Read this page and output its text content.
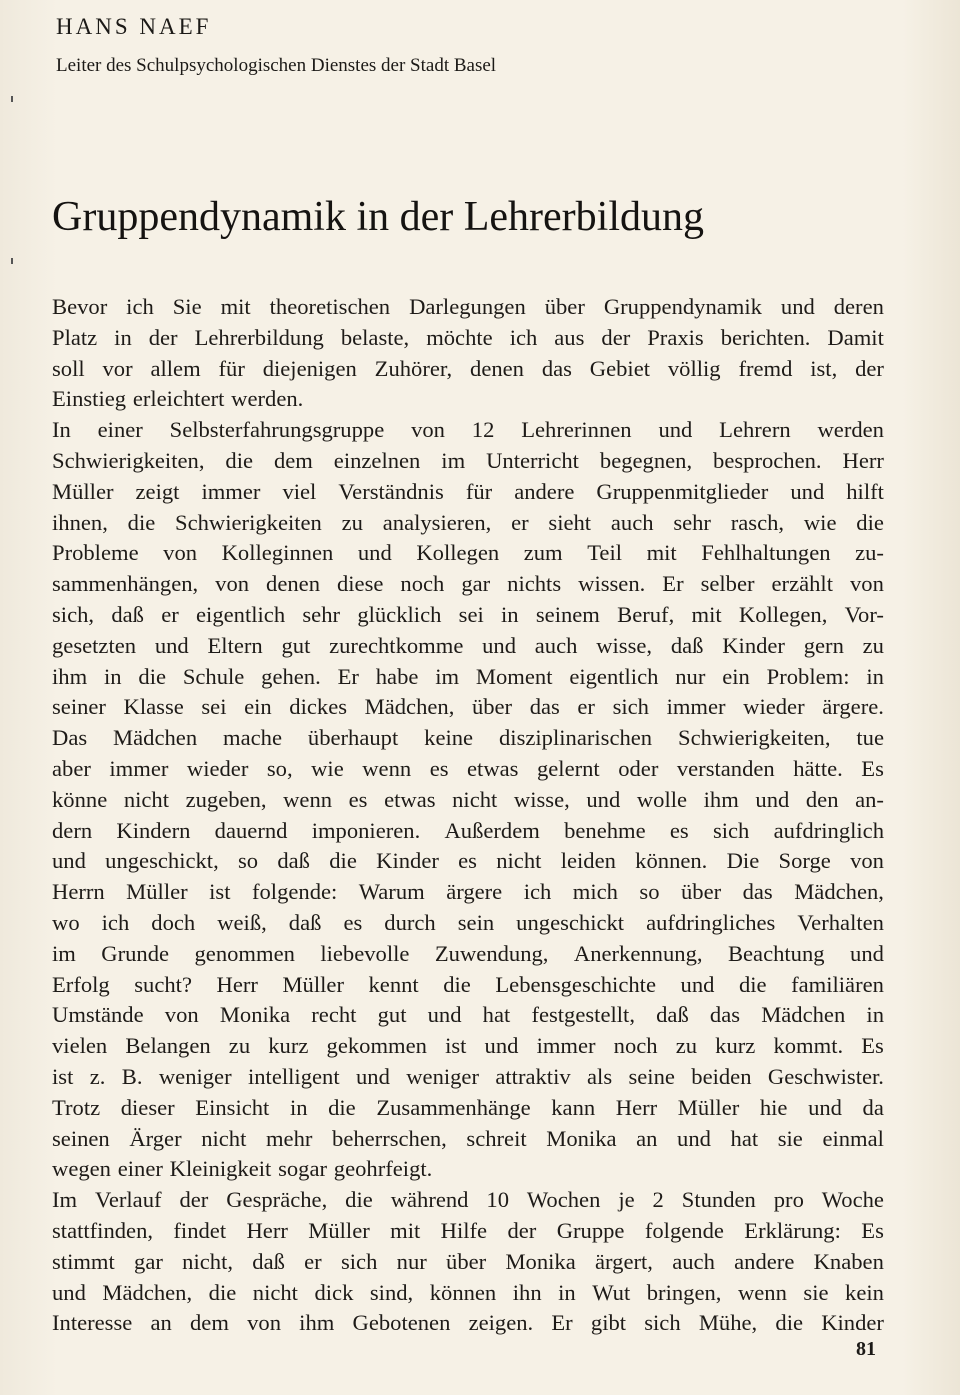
HANS NAEF
Leiter des Schulpsychologischen Dienstes der Stadt Basel
Gruppendynamik in der Lehrerbildung
Bevor ich Sie mit theoretischen Darlegungen über Gruppendynamik und deren
Platz in der Lehrerbildung belaste, möchte ich aus der Praxis berichten. Damit
soll vor allem für diejenigen Zuhörer, denen das Gebiet völlig fremd ist, der
Einstieg erleichtert werden.
In einer Selbsterfahrungsgruppe von 12 Lehrerinnen und Lehrern werden
Schwierigkeiten, die dem einzelnen im Unterricht begegnen, besprochen. Herr
Müller zeigt immer viel Verständnis für andere Gruppenmitglieder und hilft
ihnen, die Schwierigkeiten zu analysieren, er sieht auch sehr rasch, wie die
Probleme von Kolleginnen und Kollegen zum Teil mit Fehlhaltungen zu-
sammenhängen, von denen diese noch gar nichts wissen. Er selber erzählt von
sich, daß er eigentlich sehr glücklich sei in seinem Beruf, mit Kollegen, Vor-
gesetzten und Eltern gut zurechtkomme und auch wisse, daß Kinder gern zu
ihm in die Schule gehen. Er habe im Moment eigentlich nur ein Problem: in
seiner Klasse sei ein dickes Mädchen, über das er sich immer wieder ärgere.
Das Mädchen mache überhaupt keine disziplinarischen Schwierigkeiten, tue
aber immer wieder so, wie wenn es etwas gelernt oder verstanden hätte. Es
könne nicht zugeben, wenn es etwas nicht wisse, und wolle ihm und den an-
dern Kindern dauernd imponieren. Außerdem benehme es sich aufdringlich
und ungeschickt, so daß die Kinder es nicht leiden können. Die Sorge von
Herrn Müller ist folgende: Warum ärgere ich mich so über das Mädchen,
wo ich doch weiß, daß es durch sein ungeschickt aufdringliches Verhalten
im Grunde genommen liebevolle Zuwendung, Anerkennung, Beachtung und
Erfolg sucht? Herr Müller kennt die Lebensgeschichte und die familiären
Umstände von Monika recht gut und hat festgestellt, daß das Mädchen in
vielen Belangen zu kurz gekommen ist und immer noch zu kurz kommt. Es
ist z. B. weniger intelligent und weniger attraktiv als seine beiden Geschwister.
Trotz dieser Einsicht in die Zusammenhänge kann Herr Müller hie und da
seinen Ärger nicht mehr beherrschen, schreit Monika an und hat sie einmal
wegen einer Kleinigkeit sogar geohrfeigt.
Im Verlauf der Gespräche, die während 10 Wochen je 2 Stunden pro Woche
stattfinden, findet Herr Müller mit Hilfe der Gruppe folgende Erklärung: Es
stimmt gar nicht, daß er sich nur über Monika ärgert, auch andere Knaben
und Mädchen, die nicht dick sind, können ihn in Wut bringen, wenn sie kein
Interesse an dem von ihm Gebotenen zeigen. Er gibt sich Mühe, die Kinder
81
